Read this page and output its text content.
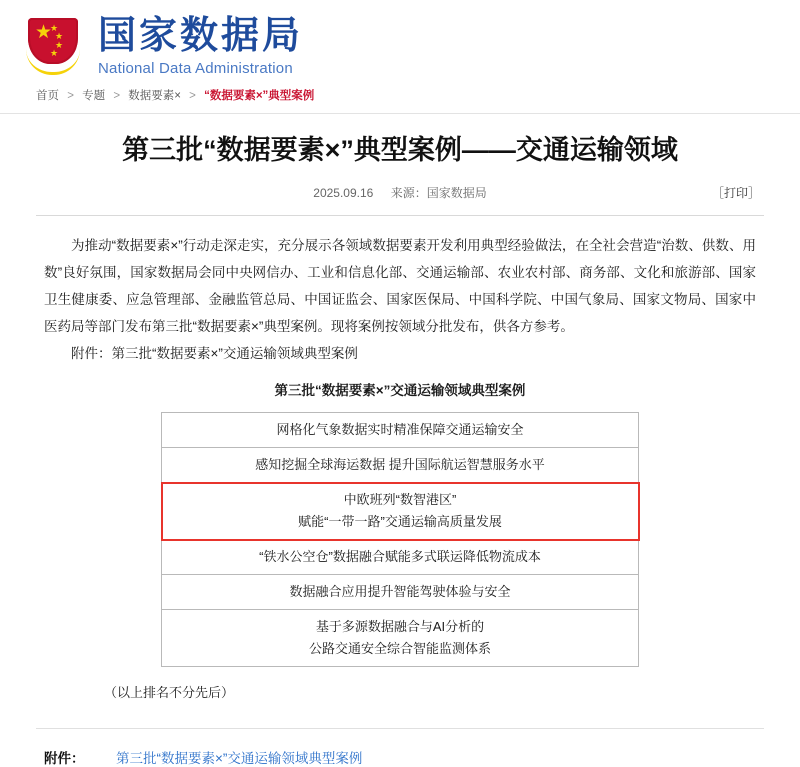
★
★
★
★
★ 国家数据局
National Data Administration
首页 > 专题 > 数据要素× > “数据要素×”典型案例
第三批“数据要素×”典型案例——交通运输领域
2025.09.16 来源：国家数据局	［打印］

为推动“数据要素×”行动走深走实，充分展示各领域数据要素开发利用典型经验做法，在全社会营造“治数、供数、用数”良好氛围，国家数据局会同中央网信办、工业和信息化部、交通运输部、农业农村部、商务部、文化和旅游部、国家卫生健康委、应急管理部、金融监管总局、中国证监会、国家医保局、中国科学院、中国气象局、国家文物局、国家中医药局等部门发布第三批“数据要素×”典型案例。现将案例按领域分批发布，供各方参考。

附件：第三批“数据要素×”交通运输领域典型案例

第三批“数据要素×”交通运输领域典型案例
网格化气象数据实时精准保障交通运输安全
感知挖掘全球海运数据 提升国际航运智慧服务水平
中欧班列“数智港区”
赋能“一带一路”交通运输高质量发展
“铁水公空仓”数据融合赋能多式联运降低物流成本
数据融合应用提升智能驾驶体验与安全
基于多源数据融合与AI分析的
公路交通安全综合智能监测体系
（以上排名不分先后）
附件：	第三批“数据要素×”交通运输领域典型案例
